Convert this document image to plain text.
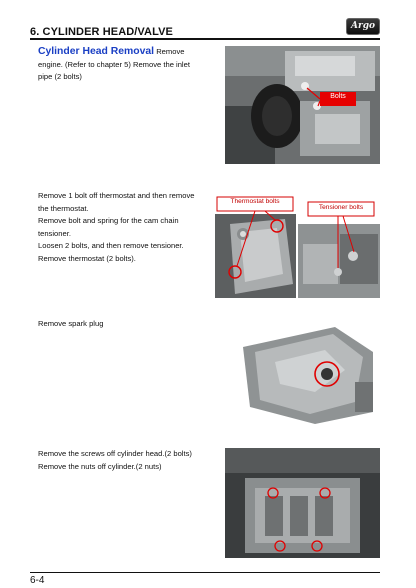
6. CYLINDER HEAD/VALVE	Argo
Cylinder Head Removal Remove
engine. (Refer to chapter 5) Remove the inlet
pipe (2 bolts)
Bolts
Remove 1 bolt off thermostat and then remove
the thermostat.
Remove bolt and spring for the cam chain
tensioner.
Loosen 2 bolts, and then remove tensioner.
Remove thermostat (2 bolts).
Thermostat bolts
Tensioner bolts
Remove spark plug
Remove the screws off cylinder head.(2 bolts)
Remove the nuts off cylinder.(2 nuts)
6-4
